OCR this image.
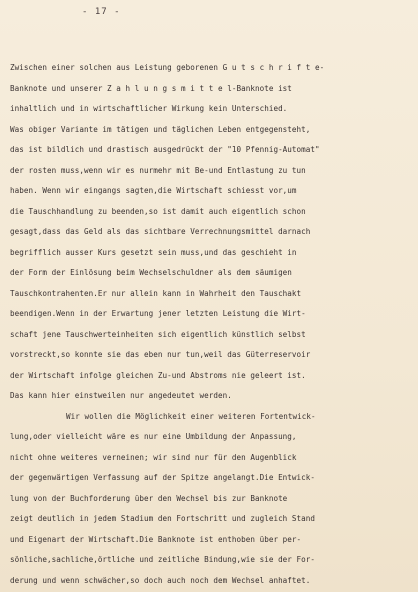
- 17 -
Zwischen einer solchen aus Leistung geborenen G u t s c h r i f t e-
Banknote und unserer Z a h l u n g s m i t t e l-Banknote ist
inhaltlich und in wirtschaftlicher Wirkung kein Unterschied.
Was obiger Variante im tätigen und täglichen Leben entgegensteht,
das ist bildlich und drastisch ausgedrückt der "10 Pfennig-Automat"
der rosten muss,wenn wir es nurmehr mit Be-und Entlastung zu tun
haben. Wenn wir eingangs sagten,die Wirtschaft schiesst vor,um
die Tauschhandlung zu beenden,so ist damit auch eigentlich schon
gesagt,dass das Geld als das sichtbare Verrechnungsmittel darnach
begrifflich ausser Kurs gesetzt sein muss,und das geschieht in
der Form der Einlösung beim Wechselschuldner als dem säumigen
Tauschkontrahenten.Er nur allein kann in Wahrheit den Tauschakt
beendigen.Wenn in der Erwartung jener letzten Leistung die Wirt-
schaft jene Tauschwerteinheiten sich eigentlich künstlich selbst
vorstreckt,so konnte sie das eben nur tun,weil das Güterreservoir
der Wirtschaft infolge gleichen Zu-und Abstroms nie geleert ist.
Das kann hier einstweilen nur angedeutet werden.
Wir wollen die Möglichkeit einer weiteren Fortentwick-
lung,oder vielleicht wäre es nur eine Umbildung der Anpassung,
nicht ohne weiteres verneinen; wir sind nur für den Augenblick
der gegenwärtigen Verfassung auf der Spitze angelangt.Die Entwick-
lung von der Buchforderung über den Wechsel bis zur Banknote
zeigt deutlich in jedem Stadium den Fortschritt und zugleich Stand
und Eigenart der Wirtschaft.Die Banknote ist enthoben über per-
sönliche,sachliche,örtliche und zeitliche Bindung,wie sie der For-
derung und wenn schwächer,so doch auch noch dem Wechsel anhaftet.
